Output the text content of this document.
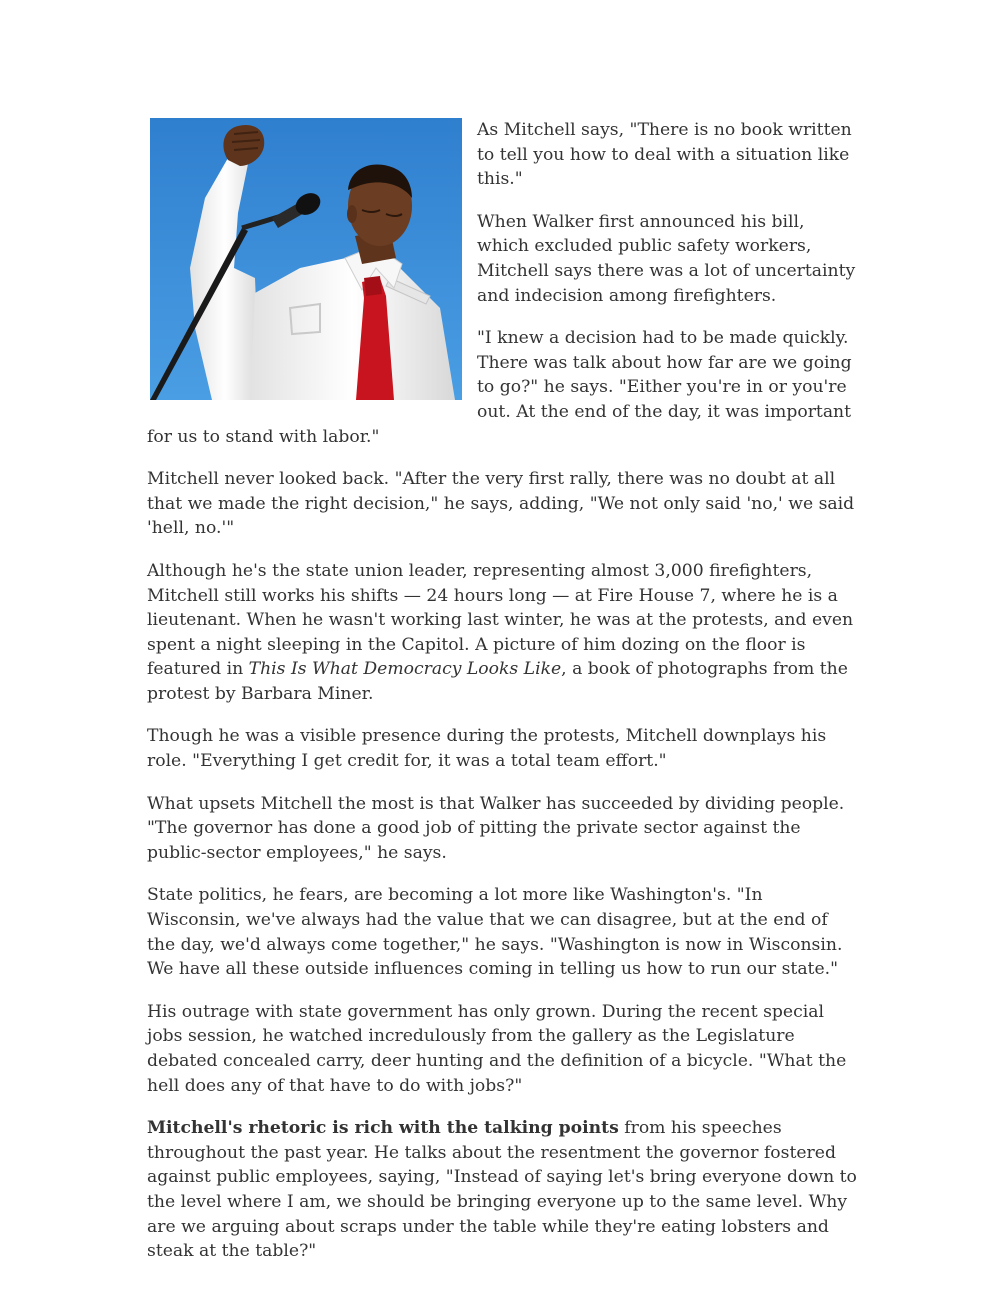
As Mitchell says, "There is no book written to tell you how to deal with a situation like this."

When Walker first announced his bill, which excluded public safety workers, Mitchell says there was a lot of uncertainty and indecision among firefighters.

"I knew a decision had to be made quickly. There was talk about how far are we going to go?" he says. "Either you're in or you're out. At the end of the day, it was important for us to stand with labor."

Mitchell never looked back. "After the very first rally, there was no doubt at all that we made the right decision," he says, adding, "We not only said 'no,' we said 'hell, no.'"

Although he's the state union leader, representing almost 3,000 firefighters, Mitchell still works his shifts — 24 hours long — at Fire House 7, where he is a lieutenant. When he wasn't working last winter, he was at the protests, and even spent a night sleeping in the Capitol. A picture of him dozing on the floor is featured in This Is What Democracy Looks Like, a book of photographs from the protest by Barbara Miner.

Though he was a visible presence during the protests, Mitchell downplays his role. "Everything I get credit for, it was a total team effort."

What upsets Mitchell the most is that Walker has succeeded by dividing people. "The governor has done a good job of pitting the private sector against the public-sector employees," he says.

State politics, he fears, are becoming a lot more like Washington's. "In Wisconsin, we've always had the value that we can disagree, but at the end of the day, we'd always come together," he says. "Washington is now in Wisconsin. We have all these outside influences coming in telling us how to run our state."

His outrage with state government has only grown. During the recent special jobs session, he watched incredulously from the gallery as the Legislature debated concealed carry, deer hunting and the definition of a bicycle. "What the hell does any of that have to do with jobs?"

Mitchell's rhetoric is rich with the talking points from his speeches throughout the past year. He talks about the resentment the governor fostered against public employees, saying, "Instead of saying let's bring everyone down to the level where I am, we should be bringing everyone up to the same level. Why are we arguing about scraps under the table while they're eating lobsters and steak at the table?"
